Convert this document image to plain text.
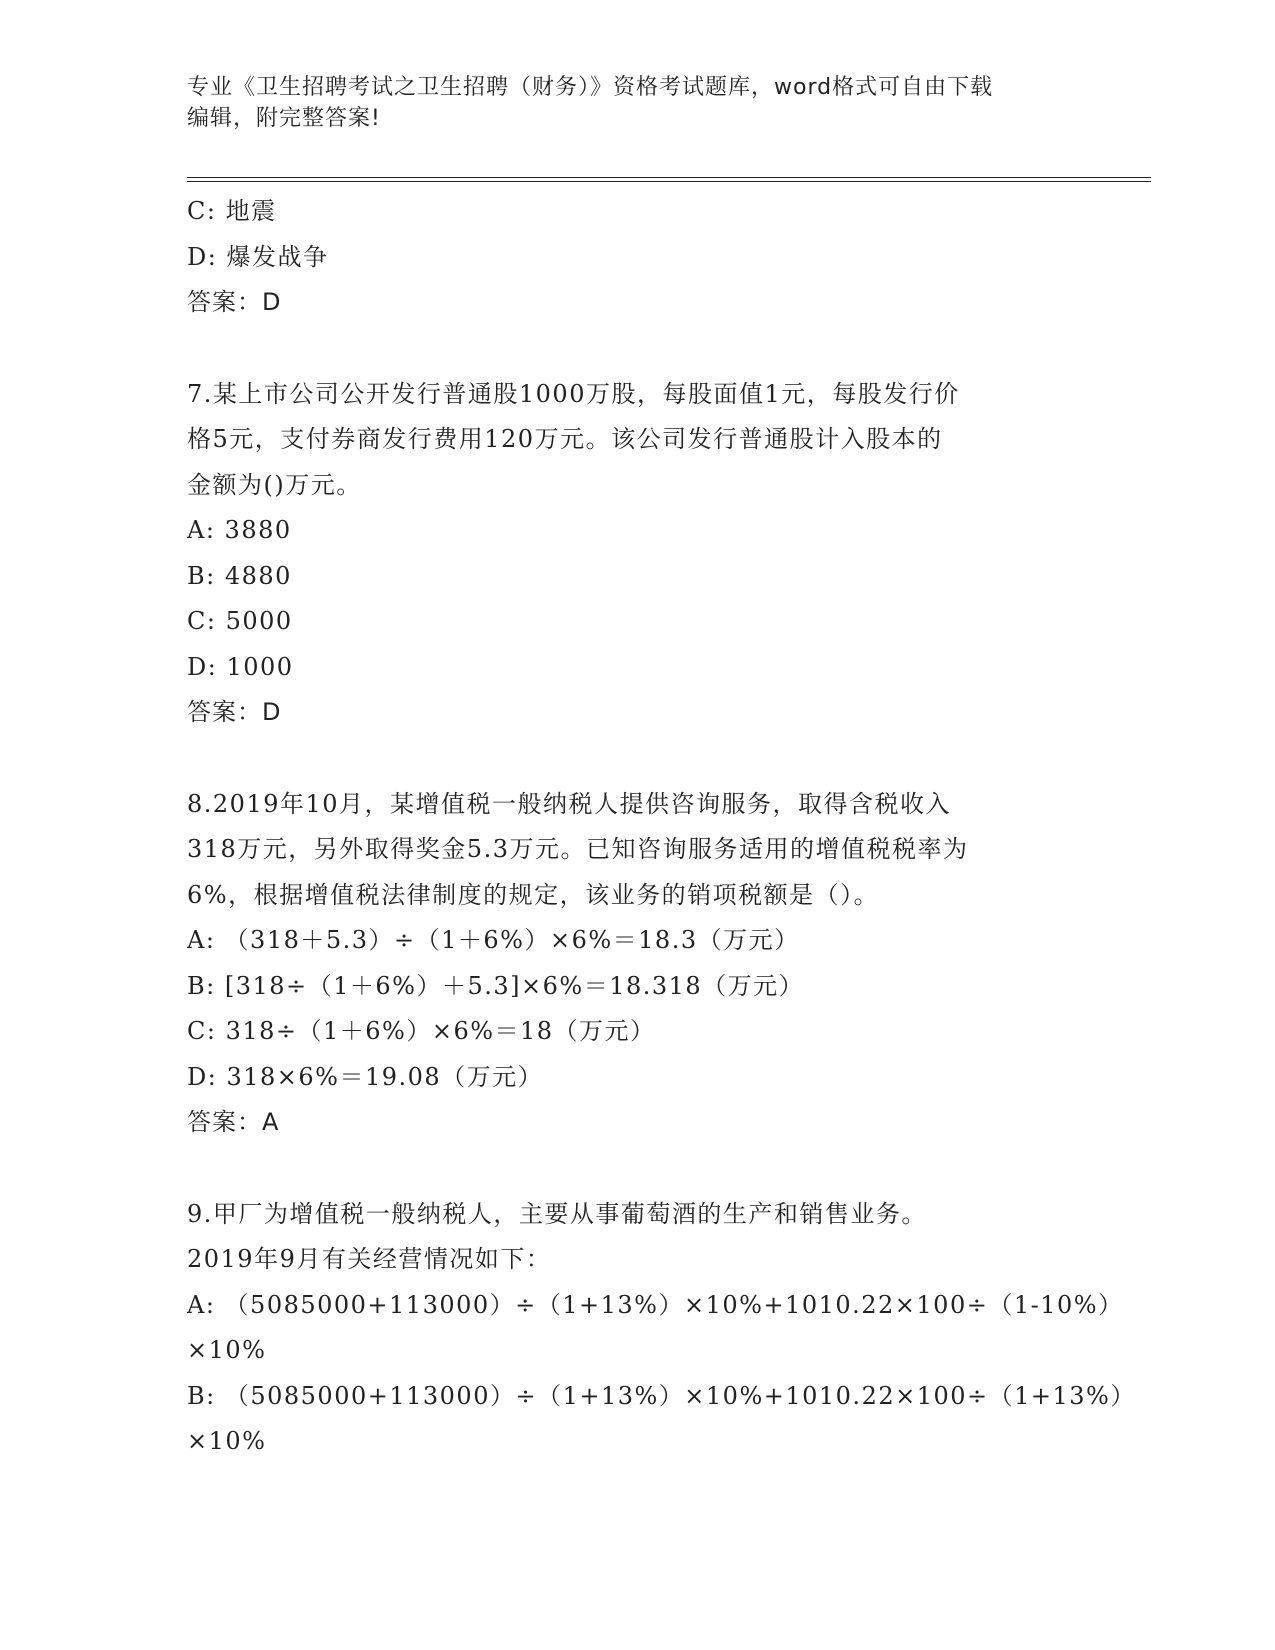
专业《卫生招聘考试之卫生招聘（财务）》资格考试题库，word格式可自由下载
编辑，附完整答案!
C: 地震
D: 爆发战争
答案：D
7.某上市公司公开发行普通股1000万股，每股面值1元，每股发行价
格5元，支付券商发行费用120万元。该公司发行普通股计入股本的
金额为()万元。
A: 3880
B: 4880
C: 5000
D: 1000
答案：D
8.2019年10月，某增值税一般纳税人提供咨询服务，取得含税收入
318万元，另外取得奖金5.3万元。已知咨询服务适用的增值税税率为
6%，根据增值税法律制度的规定，该业务的销项税额是（）。
A: （318＋5.3）÷（1＋6%）×6%＝18.3（万元）
B: [318÷（1＋6%）＋5.3]×6%＝18.318（万元）
C: 318÷（1＋6%）×6%＝18（万元）
D: 318×6%＝19.08（万元）
答案：A
9.甲厂为增值税一般纳税人，主要从事葡萄酒的生产和销售业务。
2019年9月有关经营情况如下：
A: （5085000+113000）÷（1+13%）×10%+1010.22×100÷（1-10%）
×10%
B: （5085000+113000）÷（1+13%）×10%+1010.22×100÷（1+13%）
×10%
